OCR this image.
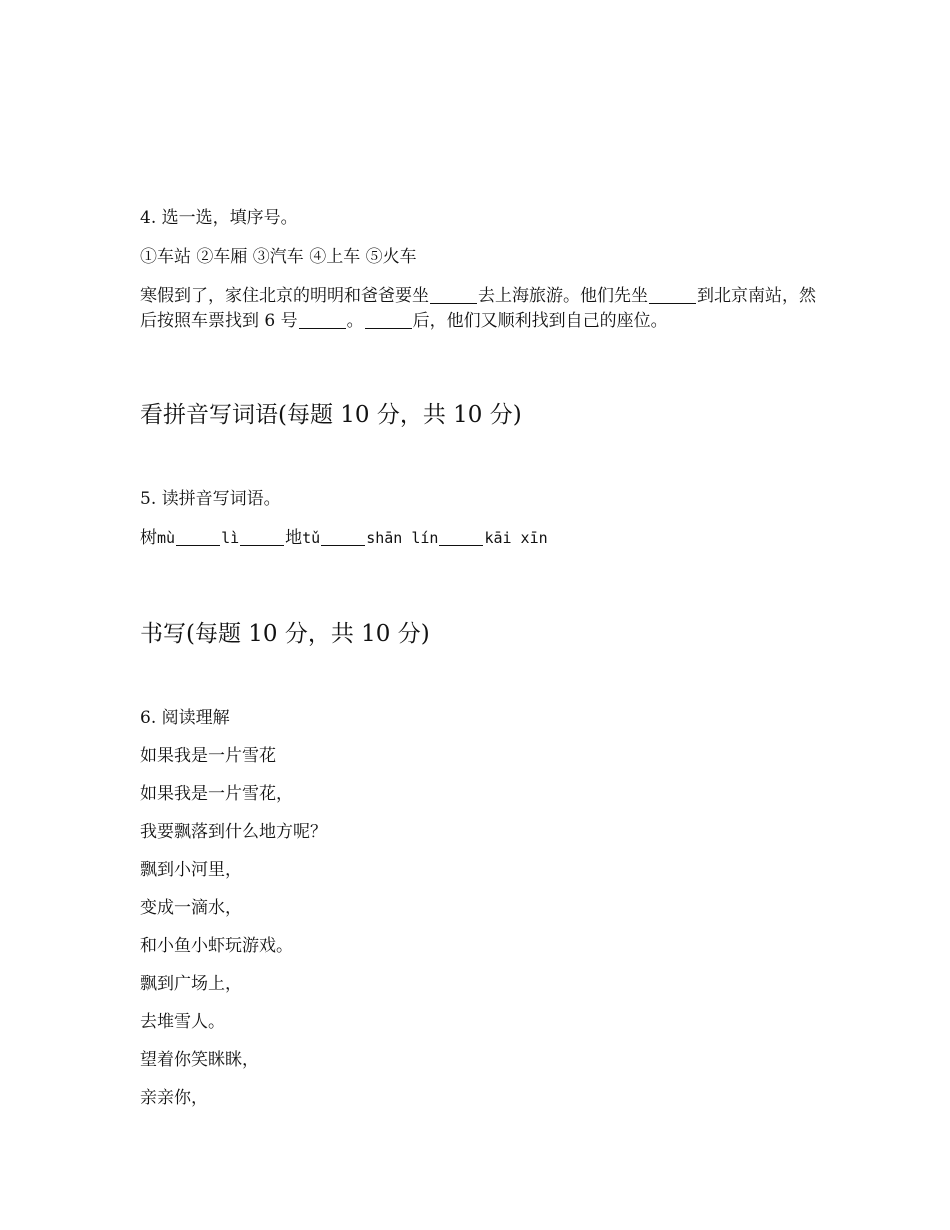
4. 选一选，填序号。
①车站 ②车厢 ③汽车 ④上车 ⑤火车
寒假到了，家住北京的明明和爸爸要坐	去上海旅游。他们先坐	到北京南站，然后按照车票找到 6 号	。	后，他们又顺利找到自己的座位。
看拼音写词语(每题 10 分，共 10 分)
5. 读拼音写词语。
树mù	lì	地tǔ	shān lín	kāi xīn
书写(每题 10 分，共 10 分)
6. 阅读理解
如果我是一片雪花
如果我是一片雪花，
我要飘落到什么地方呢？
飘到小河里，
变成一滴水，
和小鱼小虾玩游戏。
飘到广场上，
去堆雪人。
望着你笑眯眯，
亲亲你，
